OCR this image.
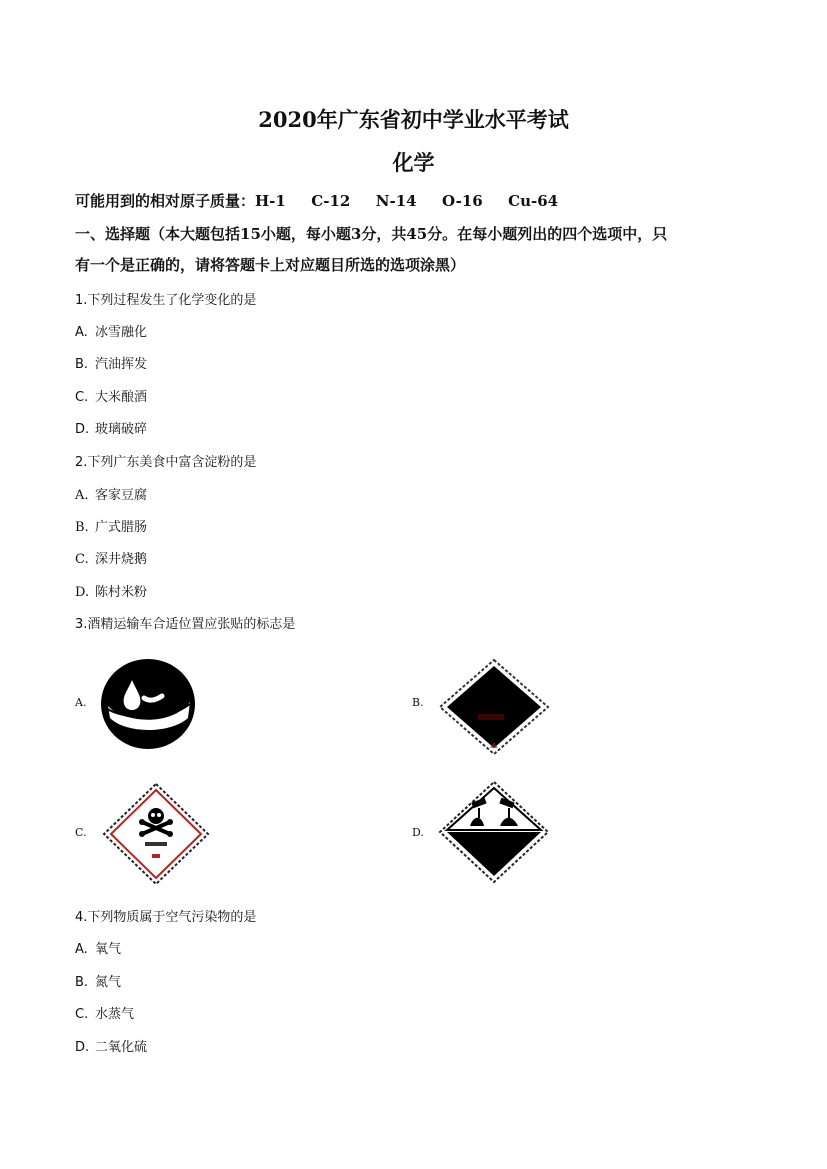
2020年广东省初中学业水平考试
化学
可能用到的相对原子质量：H-1　  C-12　  N-14　  O-16　  Cu-64
一、选择题（本大题包括15小题，每小题3分，共45分。在每小题列出的四个选项中，只
有一个是正确的，请将答题卡上对应题目所选的选项涂黑）
1.下列过程发生了化学变化的是
A. 冰雪融化
B. 汽油挥发
C. 大米酿酒
D. 玻璃破碎
2.下列广东美食中富含淀粉的是
A. 客家豆腐
B. 广式腊肠
C. 深井烧鹅
D. 陈村米粉
3.酒精运输车合适位置应张贴的标志是
A.	B.
C.	D.
4.下列物质属于空气污染物的是
A. 氧气
B. 氮气
C. 水蒸气
D. 二氧化硫
